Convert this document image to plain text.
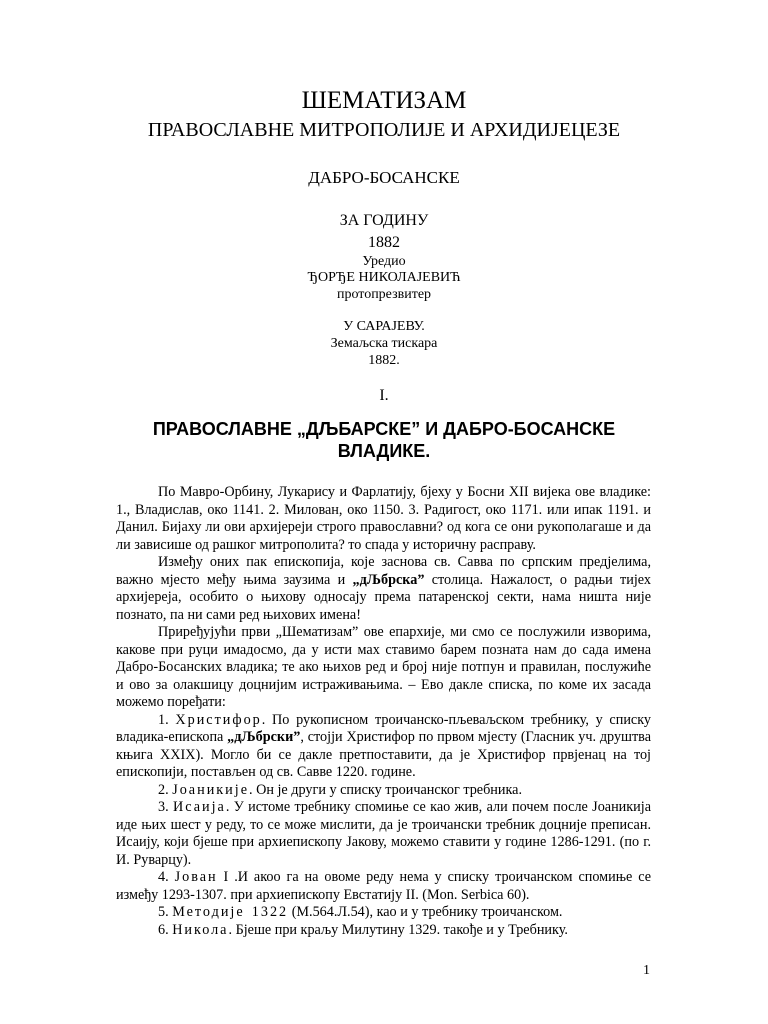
ШЕМАТИЗАМ
ПРАВОСЛАВНЕ МИТРОПОЛИЈЕ И АРХИДИЈЕЦЕЗЕ
ДАБРО-БОСАНСКЕ
ЗА ГОДИНУ
1882
Уредио
ЂОРЂЕ НИКОЛАЈЕВИЋ
протопрезвитер
У САРАЈЕВУ.
Земаљска тискара
1882.
I.
ПРАВОСЛАВНЕ „ДЉБАРСКЕ” И ДАБРО-БОСАНСКЕ ВЛАДИКЕ.

По Мавро-Орбину, Лукарису и Фарлатију, бјеху у Босни XII вијека ове владике: 1., Владислав, око 1141. 2. Милован, око 1150. 3. Радигост, око 1171. или ипак 1191. и Данил. Бијаху ли ови архијереји строго православни? од кога се они рукополагаше и да ли зависише од рашког митрополита? то спада у историчну расправу.

Између оних пак епископија, које заснова св. Савва по српским предјелима, важно мјесто међу њима заузима и „дЉбрска” столица. Нажалост, о радњи тијех архијереја, особито о њихову односају према патаренској секти, нама ништа није познато, па ни сами ред њихових имена!

Приређујући први „Шематизам” ове епархије, ми смо се послужили изворима, какове при руци имадосмо, да у исти мах ставимо барем позната нам до сада имена Дабро-Босанских владика; те ако њихов ред и број није потпун и правилан, послужиће и ово за олакшицу доцнијим истраживањима. – Ево дакле списка, по коме их засада можемо поређати:

1. Христифор. По рукописном троичанско-пљеваљском требнику, у списку владика-епископа „дЉбрски”, стојји Христифор по првом мјесту (Гласник уч. друштва књига XXIX). Могло би се дакле претпоставити, да је Христифор првјенац на тој епископији, постављен од св. Савве 1220. године.

2. Јоаникије. Он је други у списку троичанског требника.

3. Исаија. У истоме требнику спомиње се као жив, али почем после Јоаникија иде њих шест у реду, то се може мислити, да је троичански требник доцније преписан. Исаију, који бјеше при архиепископу Јакову, можемо ставити у године 1286-1291. (по г. И. Руварцу).

4. Јован I .И акоо га на овоме реду нема у списку троичанском спомиње се између 1293-1307. при архиепископу Евстатију II. (Mon. Serbica 60).

5. Методије 1322 (М.564.Л.54), као и у требнику троичанском.

6. Никола. Бјеше при краљу Милутину 1329. такође и у Требнику.

1
